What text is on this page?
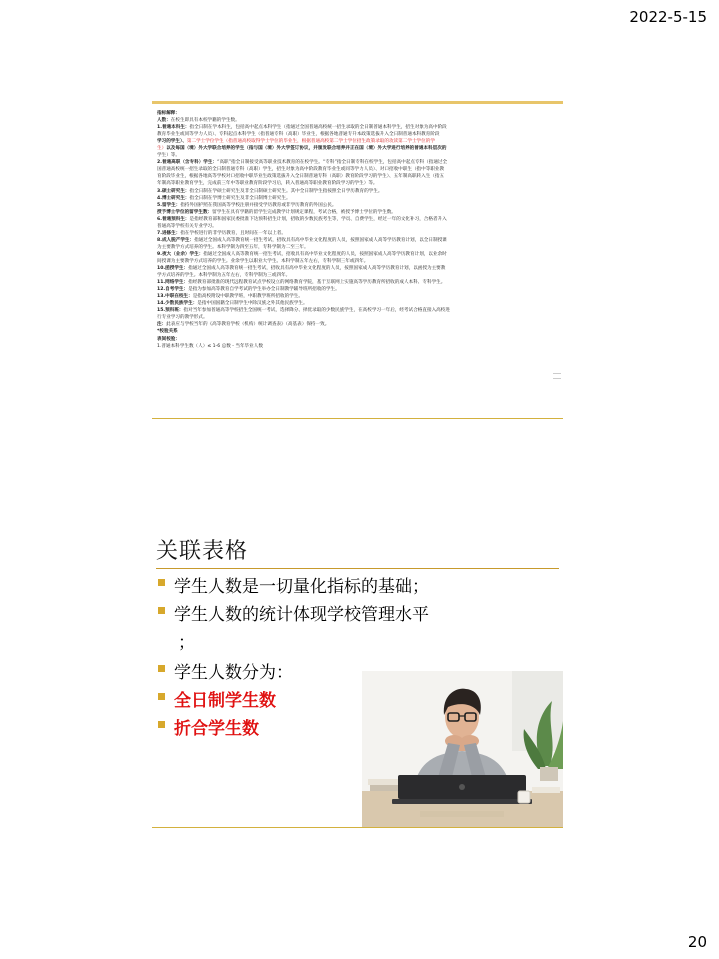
2022-5-15

指标解释：

人数：在校生即具有本校学籍的学生数。

1.普通本科生：指全日制在学本科生，包括高中起点本科学生（指通过全国普通高校统一招生录取的全日制普通本科学生，招生对象为高中阶段

教育毕业生或同等学力人员）、专科起点本科学生（指普通专科（高职）毕业生，根据各地普通专升本政策选拔升入全日制普通本科教育阶段

学习的学生）、第二学士学位学生（指普通高校取得学士学位的毕业生，根据普通高校第二学士学位招生政策录取的攻读第二学士学位的学

生）以及每国（境）外大学联合培养的学生（指与国（境）外大学签订协议，并颁发联合培养并正在国（境）外大学进行培养的普通本科层次的

学生）等。

2.普通高职（含专科）学生：“高职”指全日制接受高等职业技术教育的在校学生。“专科”指全日制专科在校学生，包括高中起点专科（指通过全

国普通高校统一招生录取的全日制普通专科（高职）学生，招生对象为高中阶段教育毕业生或同等学力人员）、对口招收中职生（指中等职业教

育阶段毕业生，根据各地高等学校对口招收中职毕业生政策选拔升入全日制普通专科（高职）教育阶段学习的学生）、五年制高职转入生（指五

年制高等职业教育学生，完成前三年中等职业教育阶段学习后，转入普通高等职业教育阶段学习的学生）等。

3.硕士研究生：指全日制在学硕士研究生及非全日制硕士研究生。其中全日制学生指按照全日学历教育的学生。

4.博士研究生：指全日制在学博士研究生及非全日制博士研究生。

5.留学生：指持外国护照在我国高等学校注册并接受学历教育或非学历教育的外国公民。

授予博士学位的留学生数：留学生在具有学籍的留学生完成教学计划规定课程，考试合格，被授予博士学位的学生数。

6.普通预科生：是指经教育部和国家民委批准下达预科招生计划，招收的少数民族考生等，学员、自费学生，经过一年的文化补习，合格者升入

普通高等学校有关专业学习。

7.进修生：指在学校进行的非学历教育，且时间在一年以上者。

8.成人脱产学生：指通过全国成人高等教育统一招生考试，招收具有高中毕业文化程度的人员，按照国家成人高等学历教育计划，以全日制授课

为主要教学方式培养的学生。本科学制为四至五年，专科学制为二至三年。

9.夜大（业余）学生：指通过全国成人高等教育统一招生考试，招收具有高中毕业文化程度的人员，按照国家成人高等学历教育计划，以业余时

间授课为主要教学方式培养的学生。业余学生以职业大学生。本科学制五年左右，专科学制三年或四年。

10.函授学生：指通过全国成人高等教育统一招生考试，招收具有高中毕业文化程度的人员，按照国家成人高等学历教育计划，以函授为主要教

学方式培养的学生。本科学制为五年左右，专科学制为三或四年。

11.网络学生：指经教育部批准的现代远程教育试点学校设立的网络教育学院，基于互联网上实施高等学历教育所招收的成人本科、专科学生。

12.自考学生：是指为参加高等教育自学考试的学生举办全日制教学辅导班所招收的学生。

13.中职在校生：是指高校附设中职教学班，中职教学班所招收的学生。

14.少数民族学生：是指中国国籍全日制学生中除汉族之外其他民族学生。

15.预科班：指对当年参加普通高等学校招生全国统一考试，选择降分、择优录取的少数民族学生，在高校学习一年后，经考试合格直接入高校进

行专业学习的教学形式。

注：此表应与学校当年的《高等教育学校（机构）统计调查表》（高基表）保持一致。

*校验关系

表间校验：

1.普通本科学生数（人）≤ 1-6 总数 - 当年毕业人数

关联表格
学生人数是一切量化指标的基础；
学生人数的统计体现学校管理水平
；
学生人数分为：
全日制学生数
折合学生数
20
